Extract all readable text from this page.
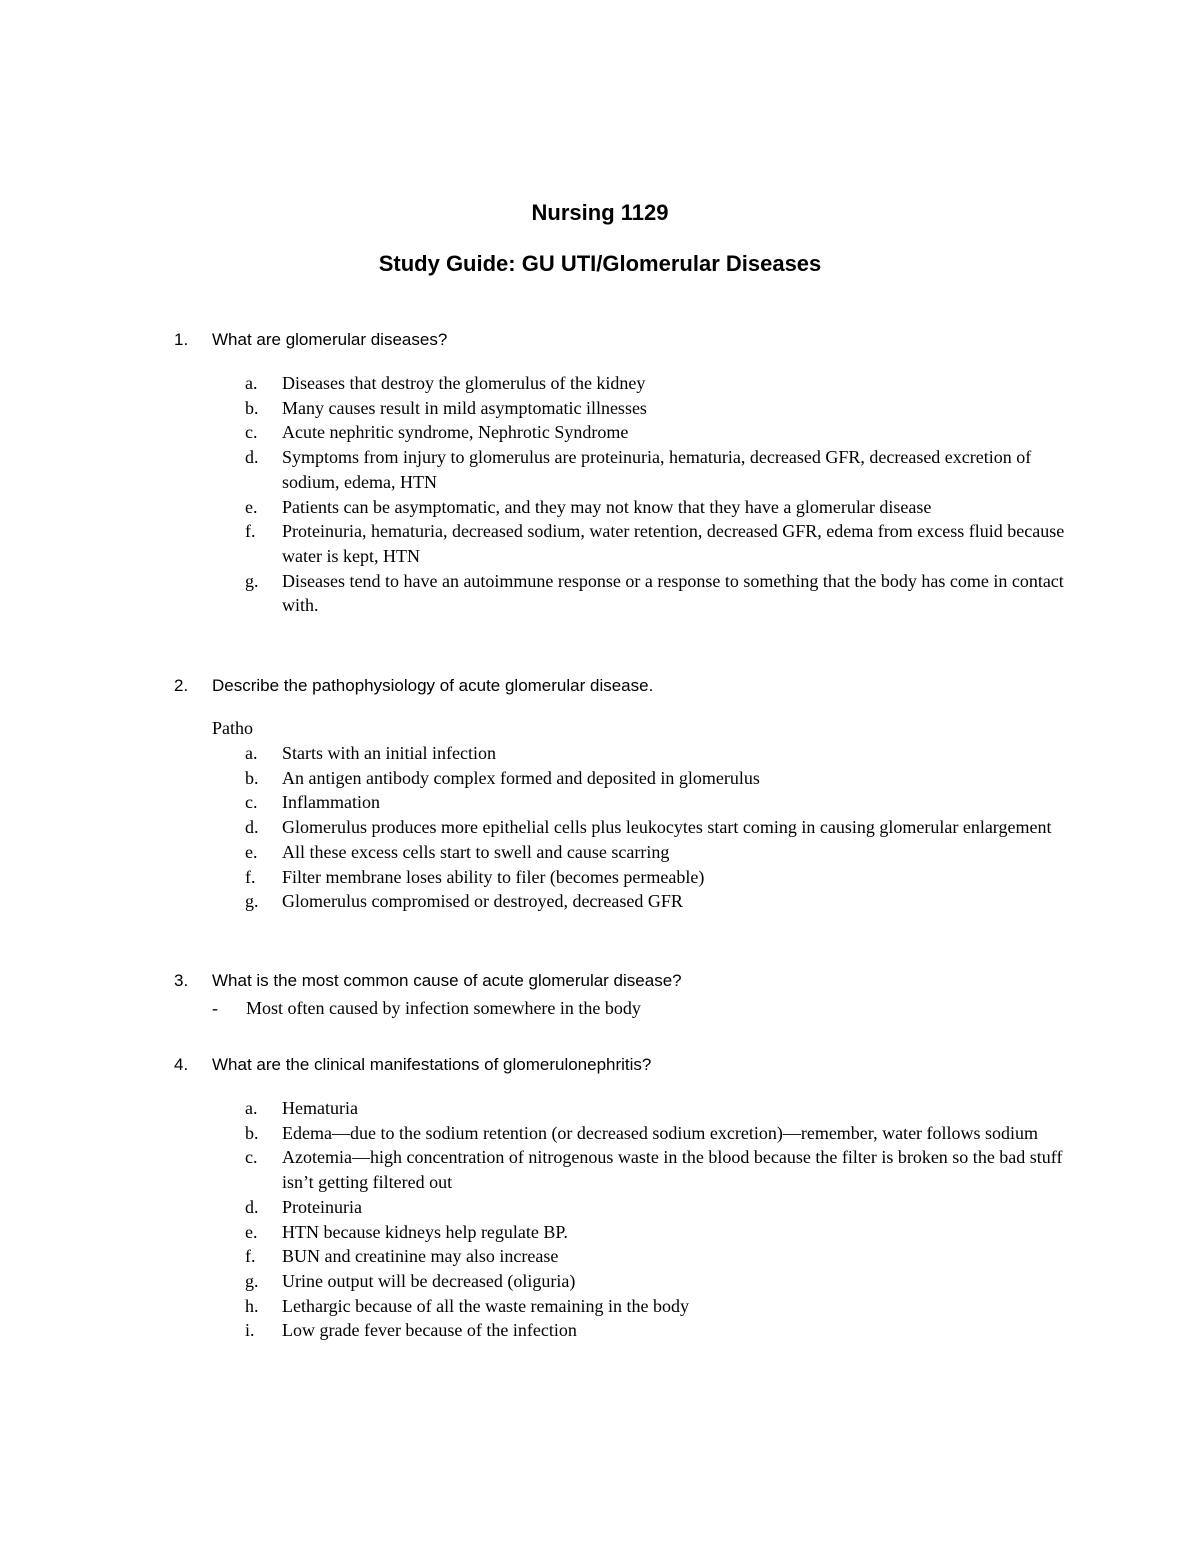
Nursing 1129
Study Guide: GU UTI/Glomerular Diseases
1. What are glomerular diseases?
a. Diseases that destroy the glomerulus of the kidney
b. Many causes result in mild asymptomatic illnesses
c. Acute nephritic syndrome, Nephrotic Syndrome
d. Symptoms from injury to glomerulus are proteinuria, hematuria, decreased GFR, decreased excretion of sodium, edema, HTN
e. Patients can be asymptomatic, and they may not know that they have a glomerular disease
f. Proteinuria, hematuria, decreased sodium, water retention, decreased GFR, edema from excess fluid because water is kept, HTN
g. Diseases tend to have an autoimmune response or a response to something that the body has come in contact with.
2. Describe the pathophysiology of acute glomerular disease.
Patho
a. Starts with an initial infection
b. An antigen antibody complex formed and deposited in glomerulus
c. Inflammation
d. Glomerulus produces more epithelial cells plus leukocytes start coming in causing glomerular enlargement
e. All these excess cells start to swell and cause scarring
f. Filter membrane loses ability to filer (becomes permeable)
g. Glomerulus compromised or destroyed, decreased GFR
3. What is the most common cause of acute glomerular disease?
- Most often caused by infection somewhere in the body
4. What are the clinical manifestations of glomerulonephritis?
a. Hematuria
b. Edema—due to the sodium retention (or decreased sodium excretion)—remember, water follows sodium
c. Azotemia—high concentration of nitrogenous waste in the blood because the filter is broken so the bad stuff isn’t getting filtered out
d. Proteinuria
e. HTN because kidneys help regulate BP.
f. BUN and creatinine may also increase
g. Urine output will be decreased (oliguria)
h. Lethargic because of all the waste remaining in the body
i. Low grade fever because of the infection
